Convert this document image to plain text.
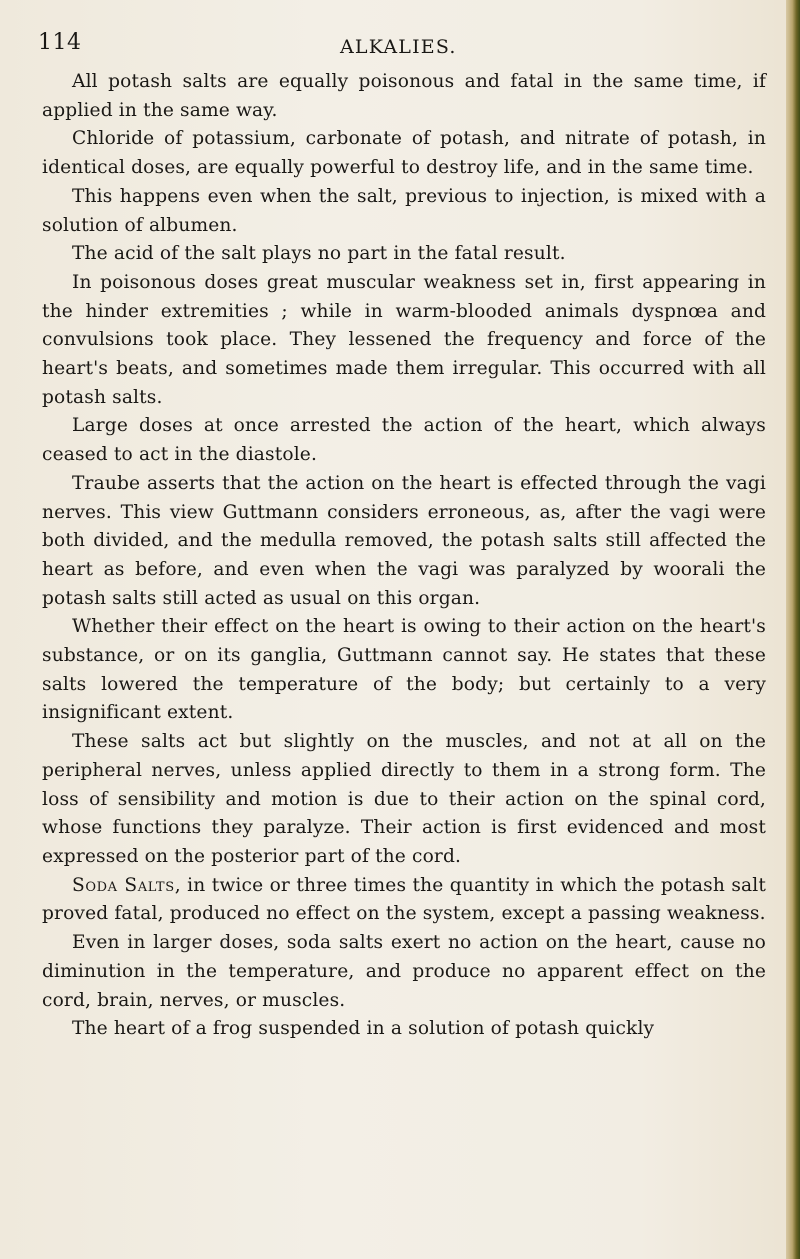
114	ALKALIES.

All potash salts are equally poisonous and fatal in the same time, if applied in the same way.

Chloride of potassium, carbonate of potash, and nitrate of potash, in identical doses, are equally powerful to destroy life, and in the same time.

This happens even when the salt, previous to injection, is mixed with a solution of albumen.

The acid of the salt plays no part in the fatal result.

In poisonous doses great muscular weakness set in, first appearing in the hinder extremities ; while in warm-blooded animals dyspnœa and convulsions took place. They lessened the frequency and force of the heart's beats, and sometimes made them irregular. This occurred with all potash salts.

Large doses at once arrested the action of the heart, which always ceased to act in the diastole.

Traube asserts that the action on the heart is effected through the vagi nerves. This view Guttmann considers erroneous, as, after the vagi were both divided, and the medulla removed, the potash salts still affected the heart as before, and even when the vagi was paralyzed by woorali the potash salts still acted as usual on this organ.

Whether their effect on the heart is owing to their action on the heart's substance, or on its ganglia, Guttmann cannot say. He states that these salts lowered the temperature of the body; but certainly to a very insignificant extent.

These salts act but slightly on the muscles, and not at all on the peripheral nerves, unless applied directly to them in a strong form. The loss of sensibility and motion is due to their action on the spinal cord, whose functions they paralyze. Their action is first evidenced and most expressed on the posterior part of the cord.

Soda Salts, in twice or three times the quantity in which the potash salt proved fatal, produced no effect on the system, except a passing weakness.

Even in larger doses, soda salts exert no action on the heart, cause no diminution in the temperature, and produce no apparent effect on the cord, brain, nerves, or muscles.

The heart of a frog suspended in a solution of potash quickly
